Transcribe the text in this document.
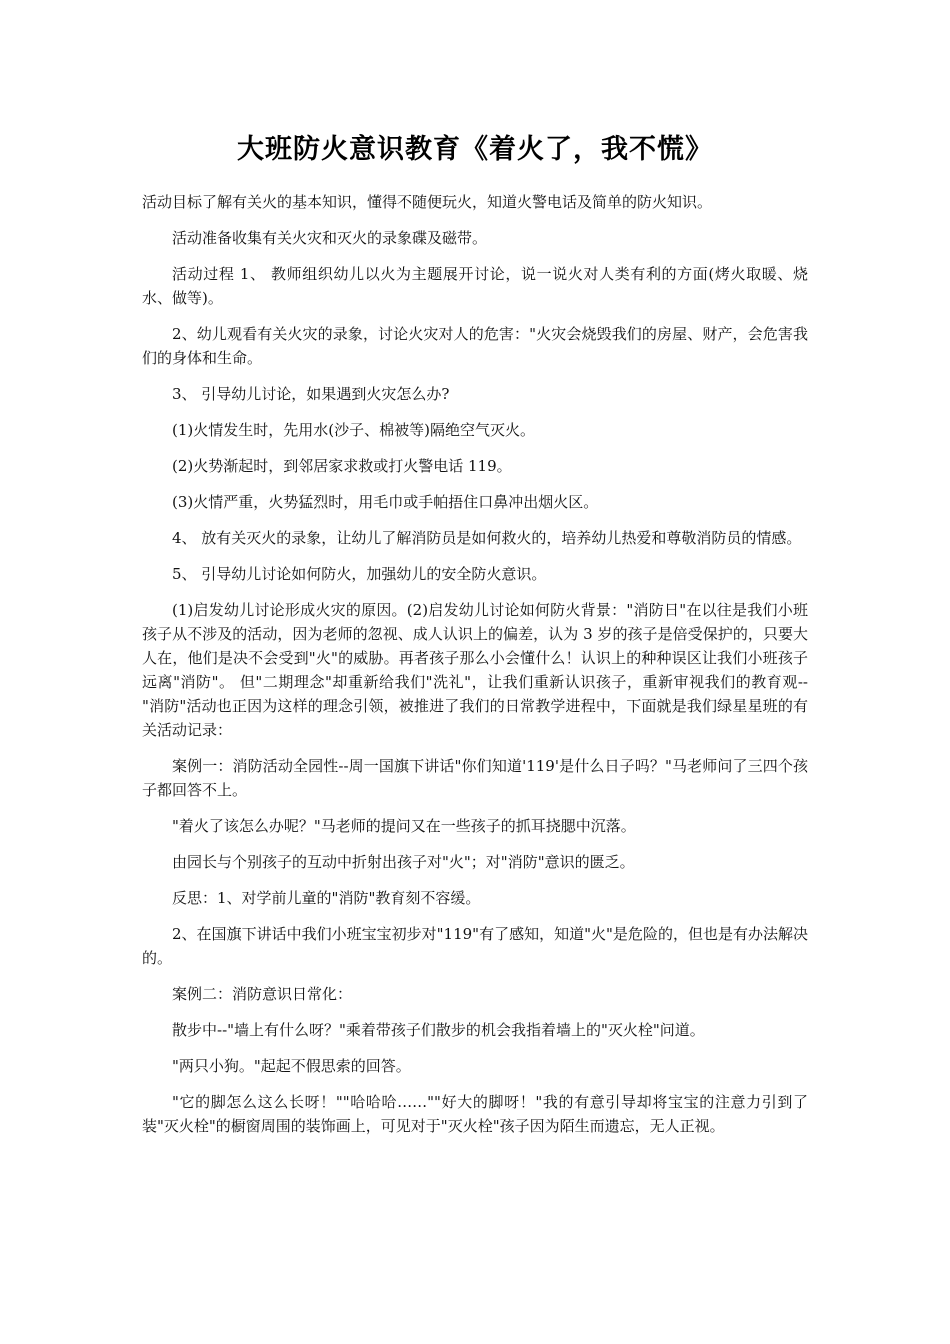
大班防火意识教育《着火了，我不慌》

活动目标了解有关火的基本知识，懂得不随便玩火，知道火警电话及简单的防火知识。

活动准备收集有关火灾和灭火的录象碟及磁带。

活动过程 1、 教师组织幼儿以火为主题展开讨论，说一说火对人类有利的方面(烤火取暖、烧水、做等)。

2、幼儿观看有关火灾的录象，讨论火灾对人的危害："火灾会烧毁我们的房屋、财产，会危害我们的身体和生命。

3、 引导幼儿讨论，如果遇到火灾怎么办?

(1)火情发生时，先用水(沙子、棉被等)隔绝空气灭火。

(2)火势渐起时，到邻居家求救或打火警电话 119。

(3)火情严重，火势猛烈时，用毛巾或手帕捂住口鼻冲出烟火区。

4、 放有关灭火的录象，让幼儿了解消防员是如何救火的，培养幼儿热爱和尊敬消防员的情感。

5、 引导幼儿讨论如何防火，加强幼儿的安全防火意识。

(1)启发幼儿讨论形成火灾的原因。(2)启发幼儿讨论如何防火背景："消防日"在以往是我们小班孩子从不涉及的活动，因为老师的忽视、成人认识上的偏差，认为 3 岁的孩子是倍受保护的，只要大人在，他们是决不会受到"火"的威胁。再者孩子那么小会懂什么！认识上的种种误区让我们小班孩子远离"消防"。 但"二期理念"却重新给我们"洗礼"，让我们重新认识孩子，重新审视我们的教育观-- "消防"活动也正因为这样的理念引领，被推进了我们的日常教学进程中，下面就是我们绿星星班的有关活动记录：

案例一：消防活动全园性--周一国旗下讲话"你们知道'119'是什么日子吗？"马老师问了三四个孩子都回答不上。

"着火了该怎么办呢？"马老师的提问又在一些孩子的抓耳挠腮中沉落。

由园长与个别孩子的互动中折射出孩子对"火"；对"消防"意识的匮乏。

反思：1、对学前儿童的"消防"教育刻不容缓。

2、在国旗下讲话中我们小班宝宝初步对"119"有了感知，知道"火"是危险的，但也是有办法解决的。

案例二：消防意识日常化：

散步中--"墙上有什么呀？"乘着带孩子们散步的机会我指着墙上的"灭火栓"问道。

"两只小狗。"起起不假思索的回答。

"它的脚怎么这么长呀！""哈哈哈……""好大的脚呀！"我的有意引导却将宝宝的注意力引到了装"灭火栓"的橱窗周围的装饰画上，可见对于"灭火栓"孩子因为陌生而遗忘，无人正视。
